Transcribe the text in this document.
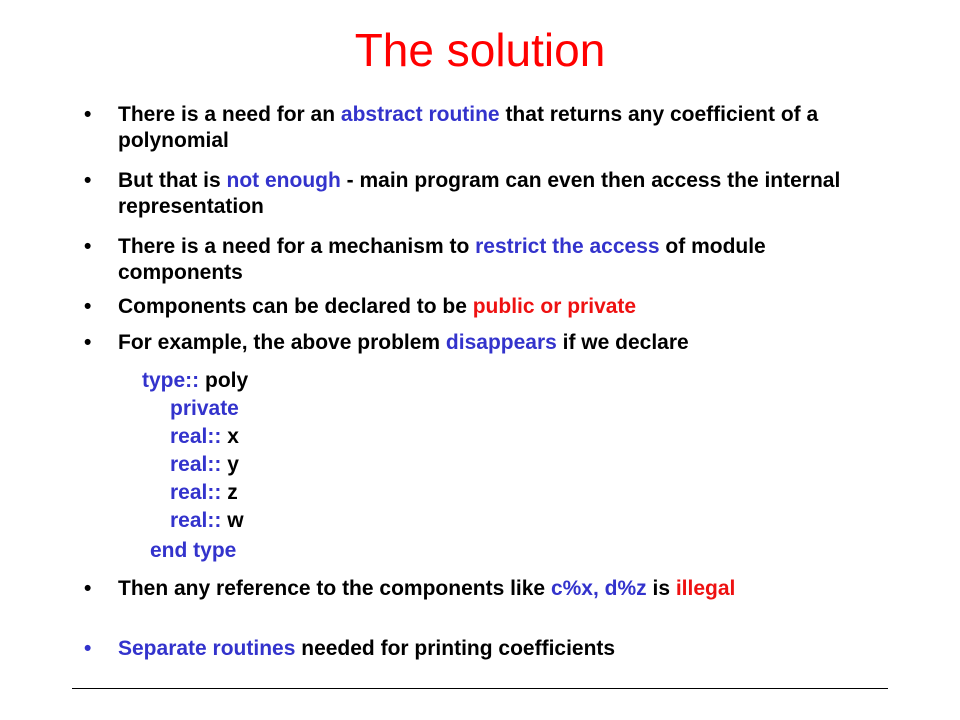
The solution
•	There is a need for an abstract routine that returns any coefficient of a polynomial
•	But that is not enough - main program can even then access the internal representation
•	There is a need for a mechanism to restrict the access of module components
•	Components can be declared to be public or private
•	For example, the above problem disappears if we declare
•	Then any reference to the components like c%x, d%z is illegal
•	Separate routines needed for printing coefficients
type:: poly
private
real:: x
real:: y
real:: z
real:: w
end type
